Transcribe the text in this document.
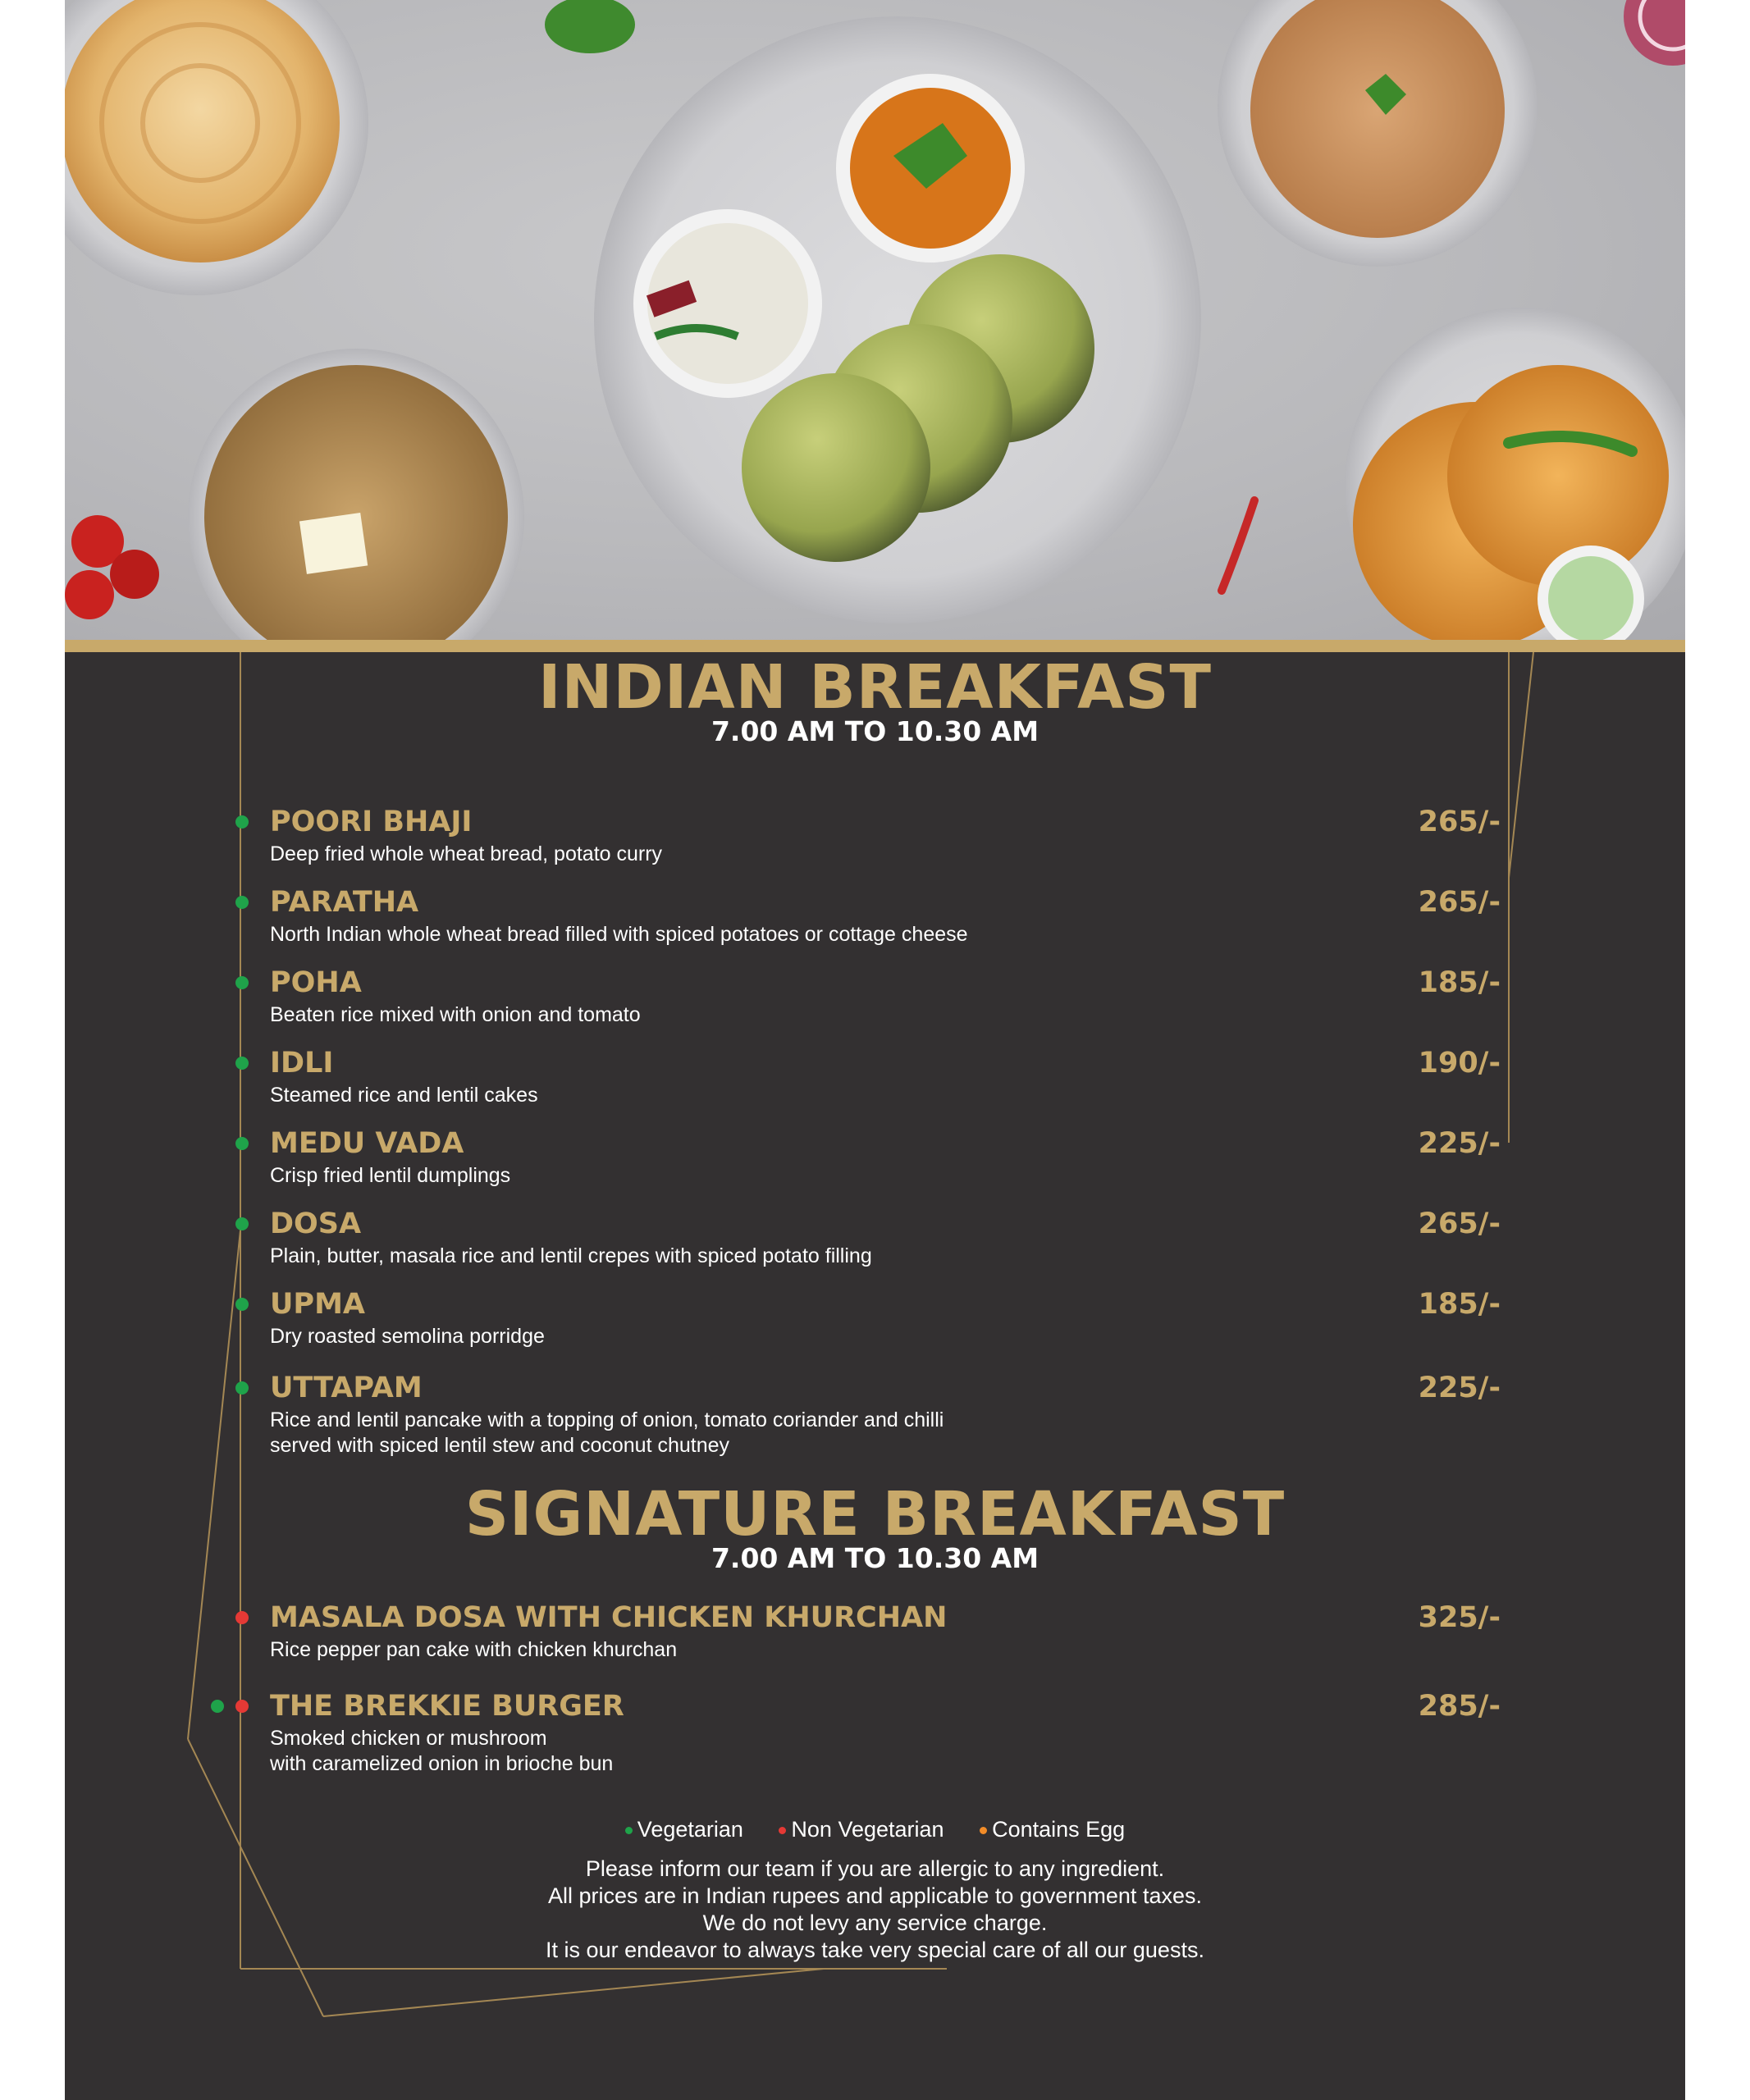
INDIAN BREAKFAST
7.00 AM TO 10.30 AM
POORI BHAJI
Deep fried whole wheat bread, potato curry
265/-
PARATHA
North Indian whole wheat bread filled with spiced potatoes or cottage cheese
265/-
POHA
Beaten rice mixed with onion and tomato
185/-
IDLI
Steamed rice and lentil cakes
190/-
MEDU VADA
Crisp fried lentil dumplings
225/-
DOSA
Plain, butter, masala rice and lentil crepes with spiced potato filling
265/-
UPMA
Dry roasted semolina porridge
185/-
UTTAPAM
Rice and lentil pancake with a topping of onion, tomato coriander and chilli
served with spiced lentil stew and coconut chutney
225/-
SIGNATURE BREAKFAST
7.00 AM TO 10.30 AM
MASALA DOSA WITH CHICKEN KHURCHAN
Rice pepper pan cake with chicken khurchan
325/-
THE BREKKIE BURGER
Smoked chicken or mushroom
with caramelized onion in brioche bun
285/-
Vegetarian Non Vegetarian Contains Egg
Please inform our team if you are allergic to any ingredient.
All prices are in Indian rupees and applicable to government taxes.
We do not levy any service charge.
It is our endeavor to always take very special care of all our guests.
